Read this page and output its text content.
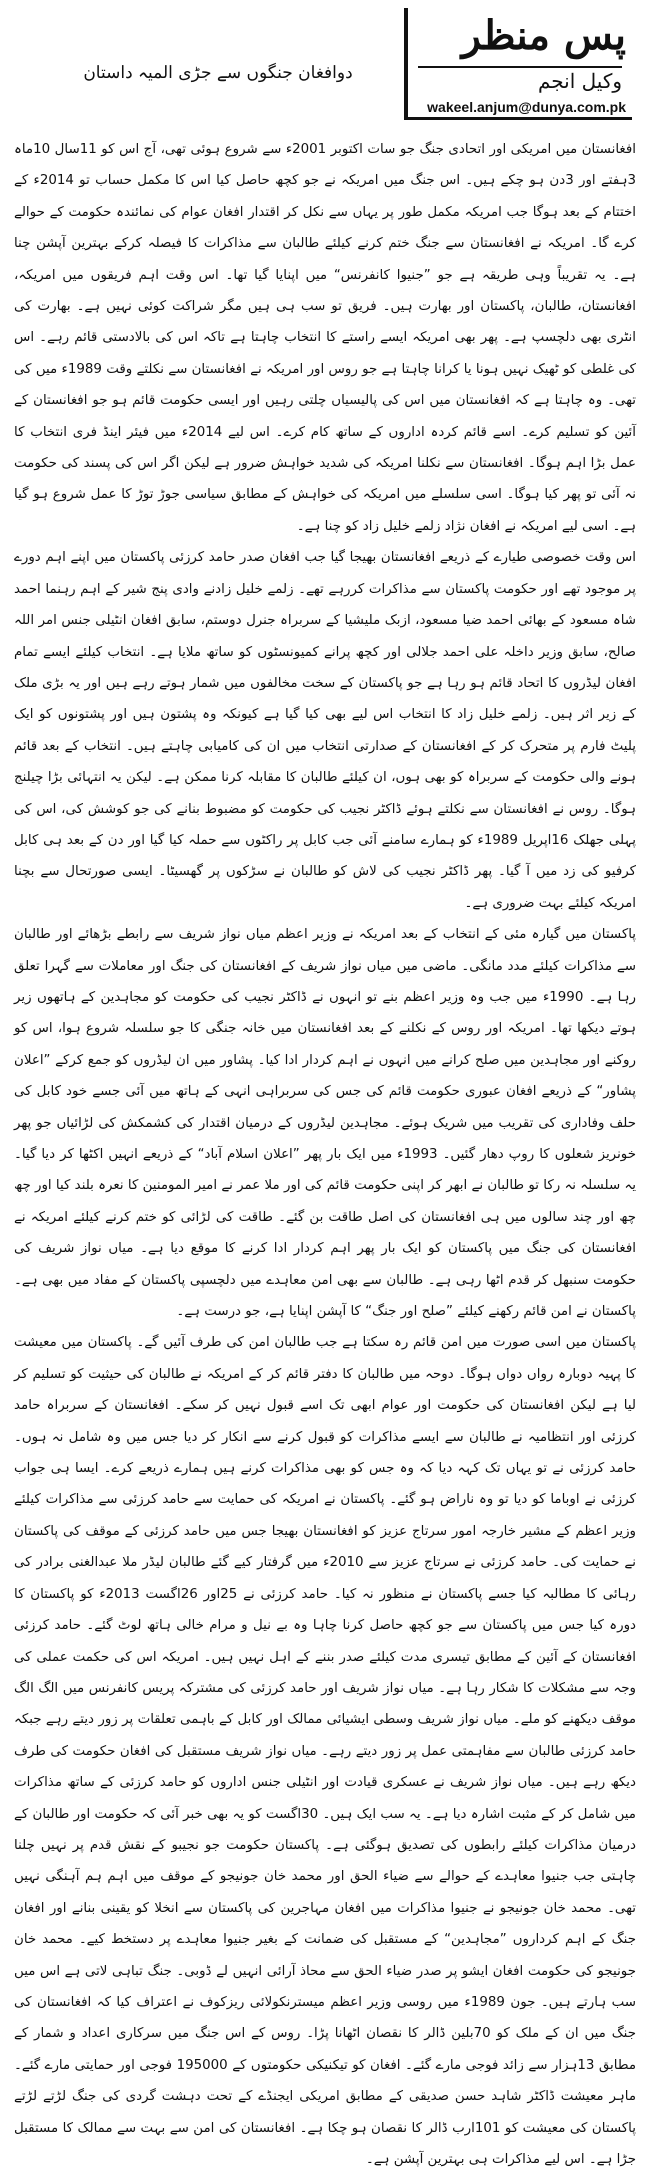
پس منظر
وکیل انجم
wakeel.anjum@dunya.com.pk
دوافغان جنگوں سے جڑی المیہ داستان

افغانستان میں امریکی اور اتحادی جنگ جو سات اکتوبر 2001ء سے شروع ہوئی تھی، آج اس کو 11سال 10ماہ 3ہفتے اور 3دن ہو چکے ہیں۔ اس جنگ میں امریکہ نے جو کچھ حاصل کیا اس کا مکمل حساب تو 2014ء کے اختتام کے بعد ہوگا جب امریکہ مکمل طور پر یہاں سے نکل کر اقتدار افغان عوام کی نمائندہ حکومت کے حوالے کرے گا۔ امریکہ نے افغانستان سے جنگ ختم کرنے کیلئے طالبان سے مذاکرات کا فیصلہ کرکے بہترین آپشن چنا ہے۔ یہ تقریباً وہی طریقہ ہے جو ”جنیوا کانفرنس“ میں اپنایا گیا تھا۔ اس وقت اہم فریقوں میں امریکہ، افغانستان، طالبان، پاکستان اور بھارت ہیں۔ فریق تو سب ہی ہیں مگر شراکت کوئی نہیں ہے۔ بھارت کی انٹری بھی دلچسپ ہے۔ پھر بھی امریکہ ایسے راستے کا انتخاب چاہتا ہے تاکہ اس کی بالادستی قائم رہے۔ اس کی غلطی کو ٹھیک نہیں ہونا یا کرانا چاہتا ہے جو روس اور امریکہ نے افغانستان سے نکلتے وقت 1989ء میں کی تھی۔ وہ چاہتا ہے کہ افغانستان میں اس کی پالیسیاں چلتی رہیں اور ایسی حکومت قائم ہو جو افغانستان کے آئین کو تسلیم کرے۔ اسے قائم کردہ اداروں کے ساتھ کام کرے۔ اس لیے 2014ء میں فیئر اینڈ فری انتخاب کا عمل بڑا اہم ہوگا۔ افغانستان سے نکلنا امریکہ کی شدید خواہش ضرور ہے لیکن اگر اس کی پسند کی حکومت نہ آئی تو پھر کیا ہوگا۔ اسی سلسلے میں امریکہ کی خواہش کے مطابق سیاسی جوڑ توڑ کا عمل شروع ہو گیا ہے۔ اسی لیے امریکہ نے افغان نژاد زلمے خلیل زاد کو چنا ہے۔

اس وقت خصوصی طیارے کے ذریعے افغانستان بھیجا گیا جب افغان صدر حامد کرزئی پاکستان میں اپنے اہم دورے پر موجود تھے اور حکومت پاکستان سے مذاکرات کررہے تھے۔ زلمے خلیل زادنے وادی پنج شیر کے اہم رہنما احمد شاہ مسعود کے بھائی احمد ضیا مسعود، ازبک ملیشیا کے سربراہ جنرل دوستم، سابق افغان انٹیلی جنس امر اللہ صالح، سابق وزیر داخلہ علی احمد جلالی اور کچھ پرانے کمیونسٹوں کو ساتھ ملایا ہے۔ انتخاب کیلئے ایسے تمام افغان لیڈروں کا اتحاد قائم ہو رہا ہے جو پاکستان کے سخت مخالفوں میں شمار ہوتے رہے ہیں اور یہ بڑی ملک کے زیر اثر ہیں۔ زلمے خلیل زاد کا انتخاب اس لیے بھی کیا گیا ہے کیونکہ وہ پشتون ہیں اور پشتونوں کو ایک پلیٹ فارم پر متحرک کر کے افغانستان کے صدارتی انتخاب میں ان کی کامیابی چاہتے ہیں۔ انتخاب کے بعد قائم ہونے والی حکومت کے سربراہ کو بھی ہوں، ان کیلئے طالبان کا مقابلہ کرنا ممکن ہے۔ لیکن یہ انتہائی بڑا چیلنج ہوگا۔ روس نے افغانستان سے نکلتے ہوئے ڈاکٹر نجیب کی حکومت کو مضبوط بنانے کی جو کوشش کی، اس کی پہلی جھلک 16اپریل 1989ء کو ہمارے سامنے آئی جب کابل پر راکٹوں سے حملہ کیا گیا اور دن کے بعد ہی کابل کرفیو کی زد میں آ گیا۔ پھر ڈاکٹر نجیب کی لاش کو طالبان نے سڑکوں پر گھسیٹا۔ ایسی صورتحال سے بچنا امریکہ کیلئے بہت ضروری ہے۔

پاکستان میں گیارہ مئی کے انتخاب کے بعد امریکہ نے وزیر اعظم میاں نواز شریف سے رابطے بڑھائے اور طالبان سے مذاکرات کیلئے مدد مانگی۔ ماضی میں میاں نواز شریف کے افغانستان کی جنگ اور معاملات سے گہرا تعلق رہا ہے۔ 1990ء میں جب وہ وزیر اعظم بنے تو انہوں نے ڈاکٹر نجیب کی حکومت کو مجاہدین کے ہاتھوں زیر ہوتے دیکھا تھا۔ امریکہ اور روس کے نکلنے کے بعد افغانستان میں خانہ جنگی کا جو سلسلہ شروع ہوا، اس کو روکنے اور مجاہدین میں صلح کرانے میں انہوں نے اہم کردار ادا کیا۔ پشاور میں ان لیڈروں کو جمع کرکے ”اعلان پشاور“ کے ذریعے افغان عبوری حکومت قائم کی جس کی سربراہی انہی کے ہاتھ میں آئی جسے خود کابل کی حلف وفاداری کی تقریب میں شریک ہوئے۔ مجاہدین لیڈروں کے درمیان اقتدار کی کشمکش کی لڑائیاں جو پھر خونریز شعلوں کا روپ دھار گئیں۔ 1993ء میں ایک بار پھر ”اعلان اسلام آباد“ کے ذریعے انہیں اکٹھا کر دیا گیا۔ یہ سلسلہ نہ رکا تو طالبان نے ابھر کر اپنی حکومت قائم کی اور ملا عمر نے امیر المومنین کا نعرہ بلند کیا اور چھ چھ اور چند سالوں میں ہی افغانستان کی اصل طاقت بن گئے۔ طاقت کی لڑائی کو ختم کرنے کیلئے امریکہ نے افغانستان کی جنگ میں پاکستان کو ایک بار پھر اہم کردار ادا کرنے کا موقع دیا ہے۔ میاں نواز شریف کی حکومت سنبھل کر قدم اٹھا رہی ہے۔ طالبان سے بھی امن معاہدے میں دلچسپی پاکستان کے مفاد میں بھی ہے۔ پاکستان نے امن قائم رکھنے کیلئے ”صلح اور جنگ“ کا آپشن اپنایا ہے، جو درست ہے۔

پاکستان میں اسی صورت میں امن قائم رہ سکتا ہے جب طالبان امن کی طرف آئیں گے۔ پاکستان میں معیشت کا پہیہ دوبارہ رواں دواں ہوگا۔ دوحہ میں طالبان کا دفتر قائم کر کے امریکہ نے طالبان کی حیثیت کو تسلیم کر لیا ہے لیکن افغانستان کی حکومت اور عوام ابھی تک اسے قبول نہیں کر سکے۔ افغانستان کے سربراہ حامد کرزئی اور انتظامیہ نے طالبان سے ایسے مذاکرات کو قبول کرنے سے انکار کر دیا جس میں وہ شامل نہ ہوں۔ حامد کرزئی نے تو یہاں تک کہہ دیا کہ وہ جس کو بھی مذاکرات کرنے ہیں ہمارے ذریعے کرے۔ ایسا ہی جواب کرزئی نے اوباما کو دیا تو وہ ناراض ہو گئے۔ پاکستان نے امریکہ کی حمایت سے حامد کرزئی سے مذاکرات کیلئے وزیر اعظم کے مشیر خارجہ امور سرتاج عزیز کو افغانستان بھیجا جس میں حامد کرزئی کے موقف کی پاکستان نے حمایت کی۔ حامد کرزئی نے سرتاج عزیز سے 2010ء میں گرفتار کیے گئے طالبان لیڈر ملا عبدالغنی برادر کی رہائی کا مطالبہ کیا جسے پاکستان نے منظور نہ کیا۔ حامد کرزئی نے 25اور 26اگست 2013ء کو پاکستان کا دورہ کیا جس میں پاکستان سے جو کچھ حاصل کرنا چاہا وہ بے نیل و مرام خالی ہاتھ لوٹ گئے۔ حامد کرزئی افغانستان کے آئین کے مطابق تیسری مدت کیلئے صدر بننے کے اہل نہیں ہیں۔ امریکہ اس کی حکمت عملی کی وجہ سے مشکلات کا شکار رہا ہے۔ میاں نواز شریف اور حامد کرزئی کی مشترکہ پریس کانفرنس میں الگ الگ موقف دیکھنے کو ملے۔ میاں نواز شریف وسطی ایشیائی ممالک اور کابل کے باہمی تعلقات پر زور دیتے رہے جبکہ حامد کرزئی طالبان سے مفاہمتی عمل پر زور دیتے رہے۔ میاں نواز شریف مستقبل کی افغان حکومت کی طرف دیکھ رہے ہیں۔ میاں نواز شریف نے عسکری قیادت اور انٹیلی جنس اداروں کو حامد کرزئی کے ساتھ مذاکرات میں شامل کر کے مثبت اشارہ دیا ہے۔ یہ سب ایک ہیں۔ 30اگست کو یہ بھی خبر آئی کہ حکومت اور طالبان کے درمیان مذاکرات کیلئے رابطوں کی تصدیق ہوگئی ہے۔ پاکستان حکومت جو نجیبو کے نقش قدم پر نہیں چلنا چاہتی جب جنیوا معاہدے کے حوالے سے ضیاء الحق اور محمد خان جونیجو کے موقف میں اہم ہم آہنگی نہیں تھی۔ محمد خان جونیجو نے جنیوا مذاکرات میں افغان مہاجرین کی پاکستان سے انخلا کو یقینی بنانے اور افغان جنگ کے اہم کرداروں ”مجاہدین“ کے مستقبل کی ضمانت کے بغیر جنیوا معاہدے پر دستخط کیے۔ محمد خان جونیجو کی حکومت افغان ایشو پر صدر ضیاء الحق سے محاذ آرائی انہیں لے ڈوبی۔ جنگ تباہی لاتی ہے اس میں سب ہارتے ہیں۔ جون 1989ء میں روسی وزیر اعظم میسترنکولائی ریزکوف نے اعتراف کیا کہ افغانستان کی جنگ میں ان کے ملک کو 70بلین ڈالر کا نقصان اٹھانا پڑا۔ روس کے اس جنگ میں سرکاری اعداد و شمار کے مطابق 13ہزار سے زائد فوجی مارے گئے۔ افغان کو تیکنیکی حکومتوں کے 195000 فوجی اور حمایتی مارے گئے۔ ماہر معیشت ڈاکٹر شاہد حسن صدیقی کے مطابق امریکی ایجنڈے کے تحت دہشت گردی کی جنگ لڑتے لڑتے پاکستان کی معیشت کو 101ارب ڈالر کا نقصان ہو چکا ہے۔ افغانستان کی امن سے بہت سے ممالک کا مستقبل جڑا ہے۔ اس لیے مذاکرات ہی بہترین آپشن ہے۔
